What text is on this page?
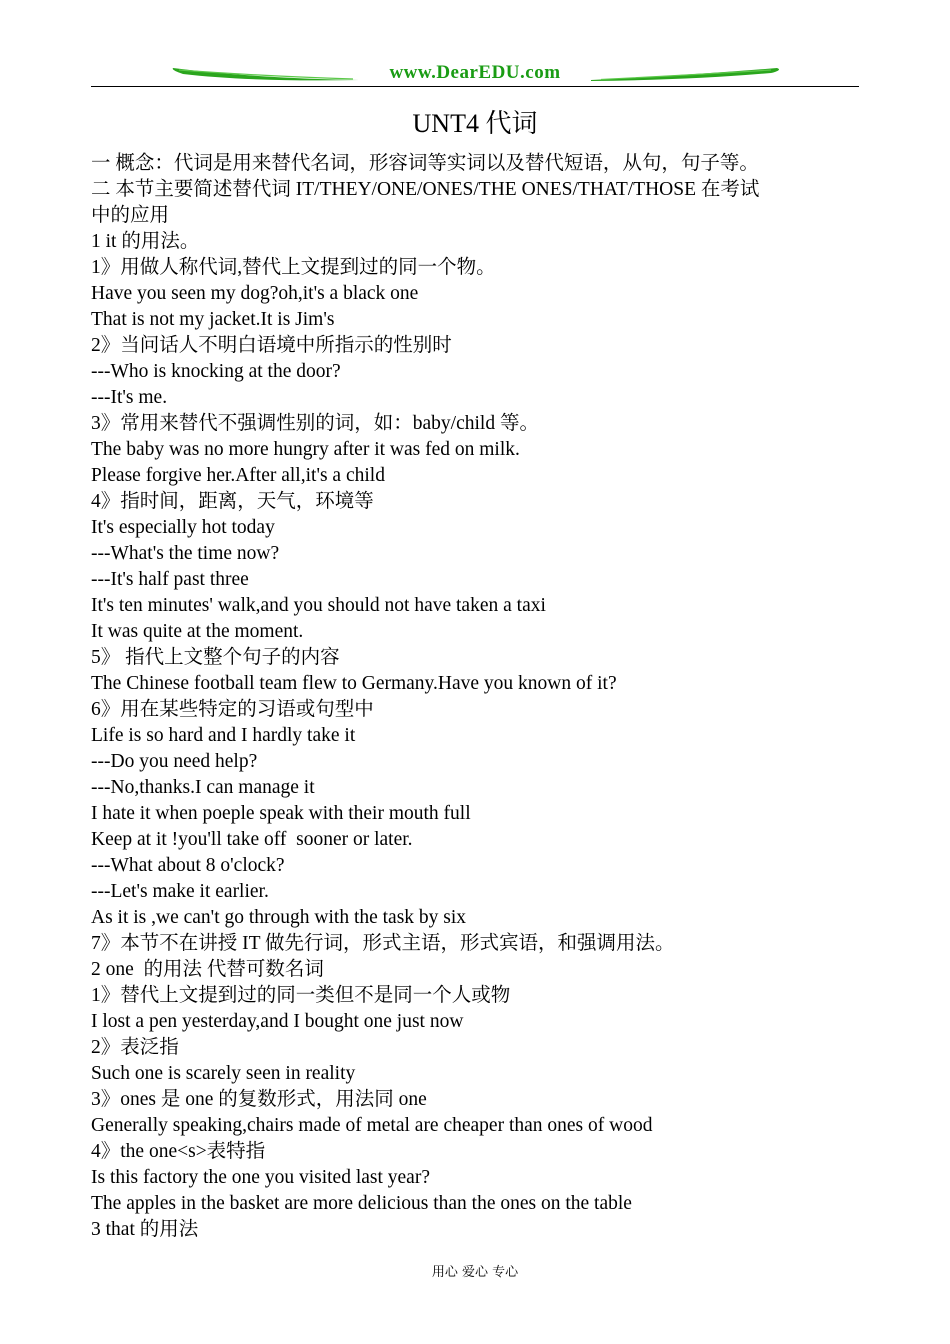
www.DearEDU.com
UNT4 代词
一 概念：代词是用来替代名词，形容词等实词以及替代短语，从句，句子等。
二 本节主要简述替代词 IT/THEY/ONE/ONES/THE ONES/THAT/THOSE 在考试
中的应用
1 it 的用法。
1》用做人称代词,替代上文提到过的同一个物。
Have you seen my dog?oh,it's a black one
That is not my jacket.It is Jim's
2》当问话人不明白语境中所指示的性别时
---Who is knocking at the door?
---It's me.
3》常用来替代不强调性别的词，如：baby/child 等。
The baby was no more hungry after it was fed on milk.
Please forgive her.After all,it's a child
4》指时间，距离，天气，环境等
It's especially hot today
---What's the time now?
---It's half past three
It's ten minutes' walk,and you should not have taken a taxi
It was quite at the moment.
5》 指代上文整个句子的内容
The Chinese football team flew to Germany.Have you known of it?
6》用在某些特定的习语或句型中
Life is so hard and I hardly take it
---Do you need help?
---No,thanks.I can manage it
I hate it when poeple speak with their mouth full
Keep at it !you'll take off  sooner or later.
---What about 8 o'clock?
---Let's make it earlier.
As it is ,we can't go through with the task by six
7》本节不在讲授 IT 做先行词，形式主语，形式宾语，和强调用法。
2 one  的用法 代替可数名词
1》替代上文提到过的同一类但不是同一个人或物
I lost a pen yesterday,and I bought one just now
2》表泛指
Such one is scarely seen in reality
3》ones 是 one 的复数形式，用法同 one
Generally speaking,chairs made of metal are cheaper than ones of wood
4》the one<s>表特指
Is this factory the one you visited last year?
The apples in the basket are more delicious than the ones on the table
3 that 的用法
用心 爱心 专心
